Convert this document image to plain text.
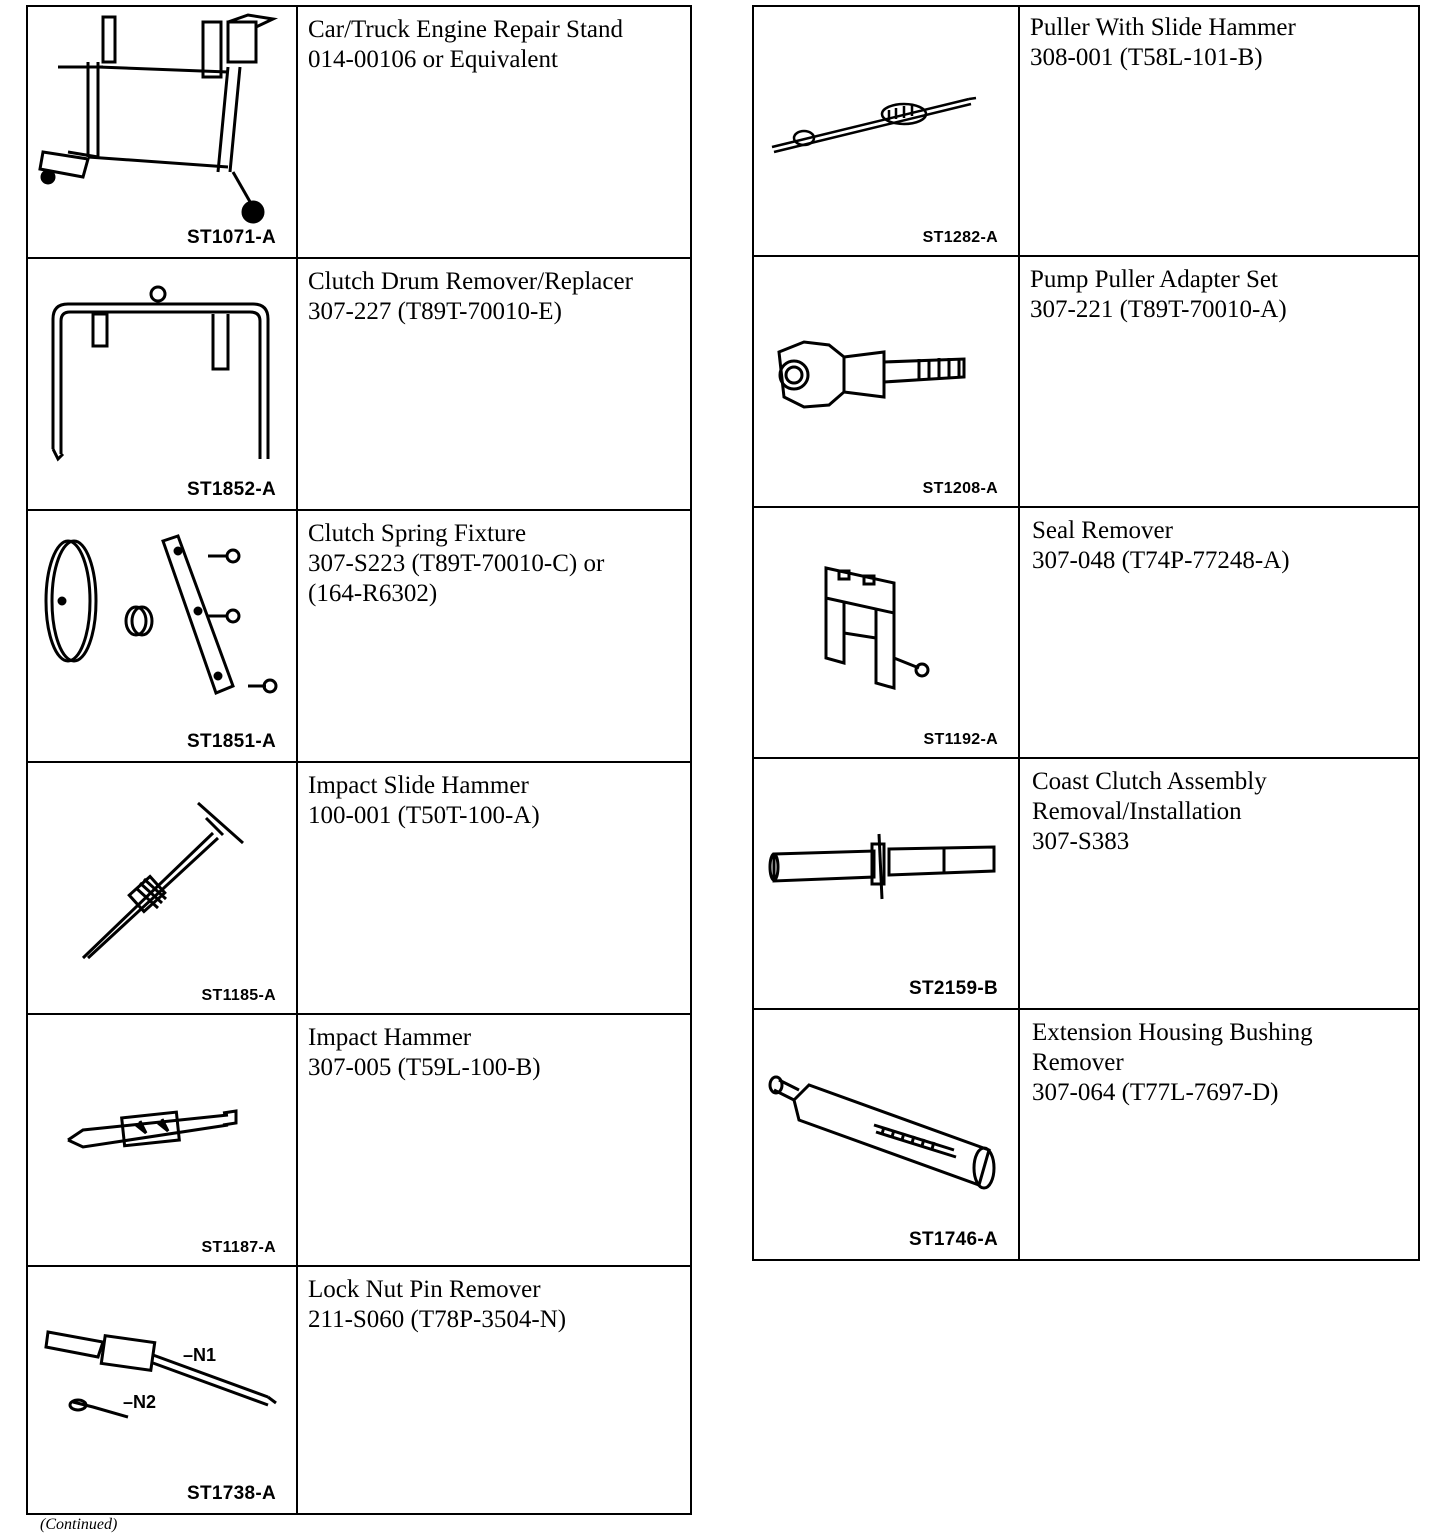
ST1071-A
Car/Truck Engine Repair Stand
014-00106 or Equivalent
ST1852-A
Clutch Drum Remover/Replacer
307-227 (T89T-70010-E)
ST1851-A
Clutch Spring Fixture
307-S223 (T89T-70010-C) or
(164-R6302)
ST1185-A
Impact Slide Hammer
100-001 (T50T-100-A)
ST1187-A
Impact Hammer
307-005 (T59L-100-B)
–N1
–N2
ST1738-A
Lock Nut Pin Remover
211-S060 (T78P-3504-N)
ST1282-A
Puller With Slide Hammer
308-001 (T58L-101-B)
ST1208-A
Pump Puller Adapter Set
307-221 (T89T-70010-A)
ST1192-A
Seal Remover
307-048 (T74P-77248-A)
ST2159-B
Coast Clutch Assembly
Removal/Installation
307-S383
ST1746-A
Extension Housing Bushing
Remover
307-064 (T77L-7697-D)
(Continued)
